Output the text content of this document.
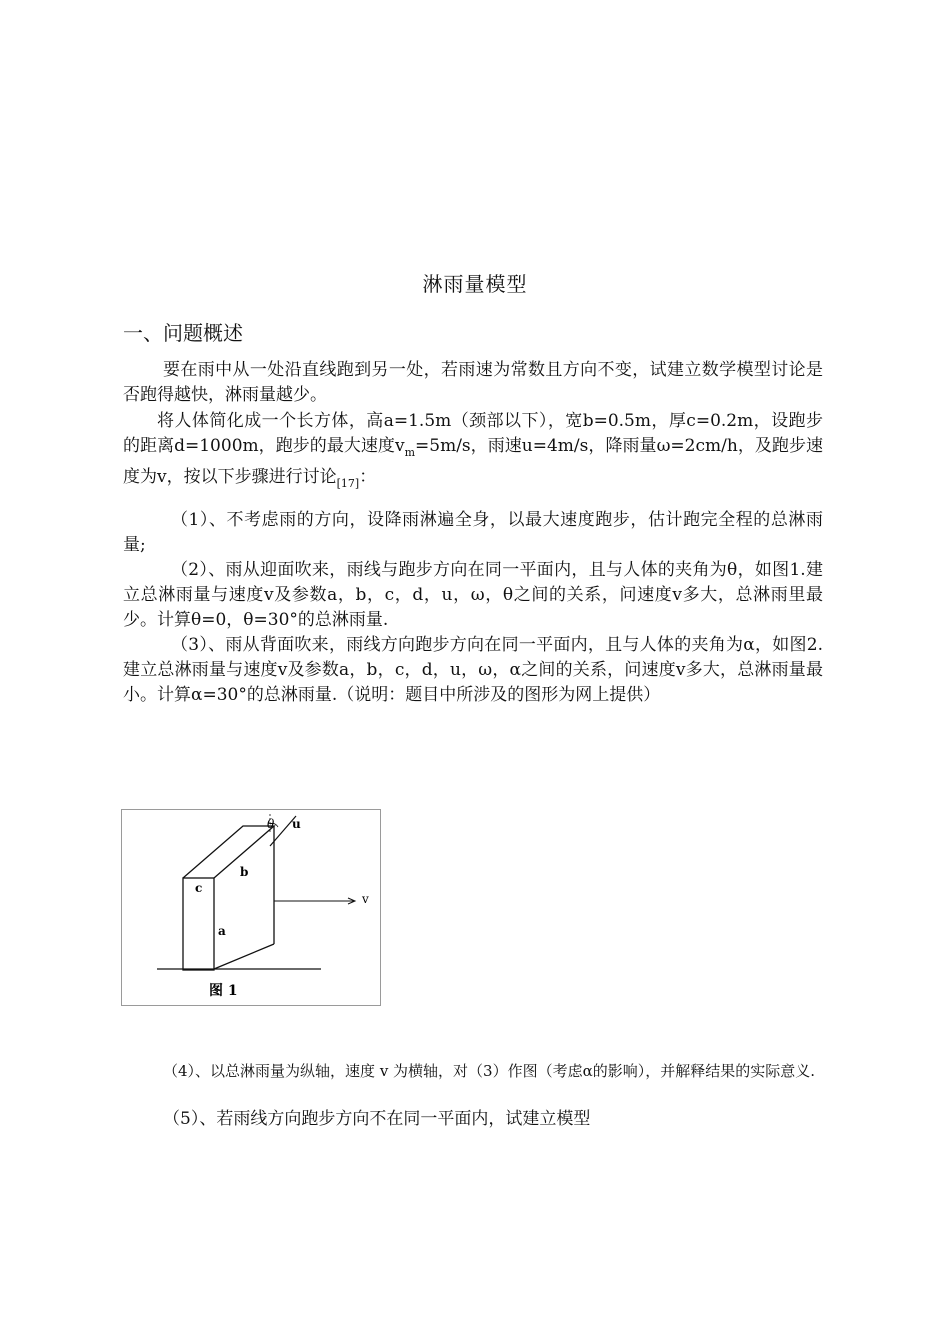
淋雨量模型
一、问题概述
要在雨中从一处沿直线跑到另一处，若雨速为常数且方向不变，试建立数学模型讨论是否跑得越快，淋雨量越少。
将人体简化成一个长方体，高a=1.5m（颈部以下），宽b=0.5m，厚c=0.2m，设跑步的距离d=1000m，跑步的最大速度$v_m=5m/s$，雨速u=4m/s，降雨量ω=2cm/h，及跑步速度为v，按以下步骤进行讨论$_{[17]}$：
（1）、不考虑雨的方向，设降雨淋遍全身，以最大速度跑步，估计跑完全程的总淋雨量;
（2）、雨从迎面吹来，雨线与跑步方向在同一平面内，且与人体的夹角为θ，如图1.建立总淋雨量与速度v及参数a，b，c，d，u，ω，θ之间的关系，问速度v多大，总淋雨里最少。计算θ=0，θ=30°的总淋雨量.
（3）、雨从背面吹来，雨线方向跑步方向在同一平面内，且与人体的夹角为α，如图2.建立总淋雨量与速度v及参数a，b，c，d，u，ω，α之间的关系，问速度v多大，总淋雨量最小。计算α=30°的总淋雨量.（说明：题目中所涉及的图形为网上提供）
θ u
v
a
b
c
图 1
（4）、以总淋雨量为纵轴，速度 v 为横轴，对（3）作图（考虑α的影响），并解释结果的实际意义.
（5）、若雨线方向跑步方向不在同一平面内，试建立模型
